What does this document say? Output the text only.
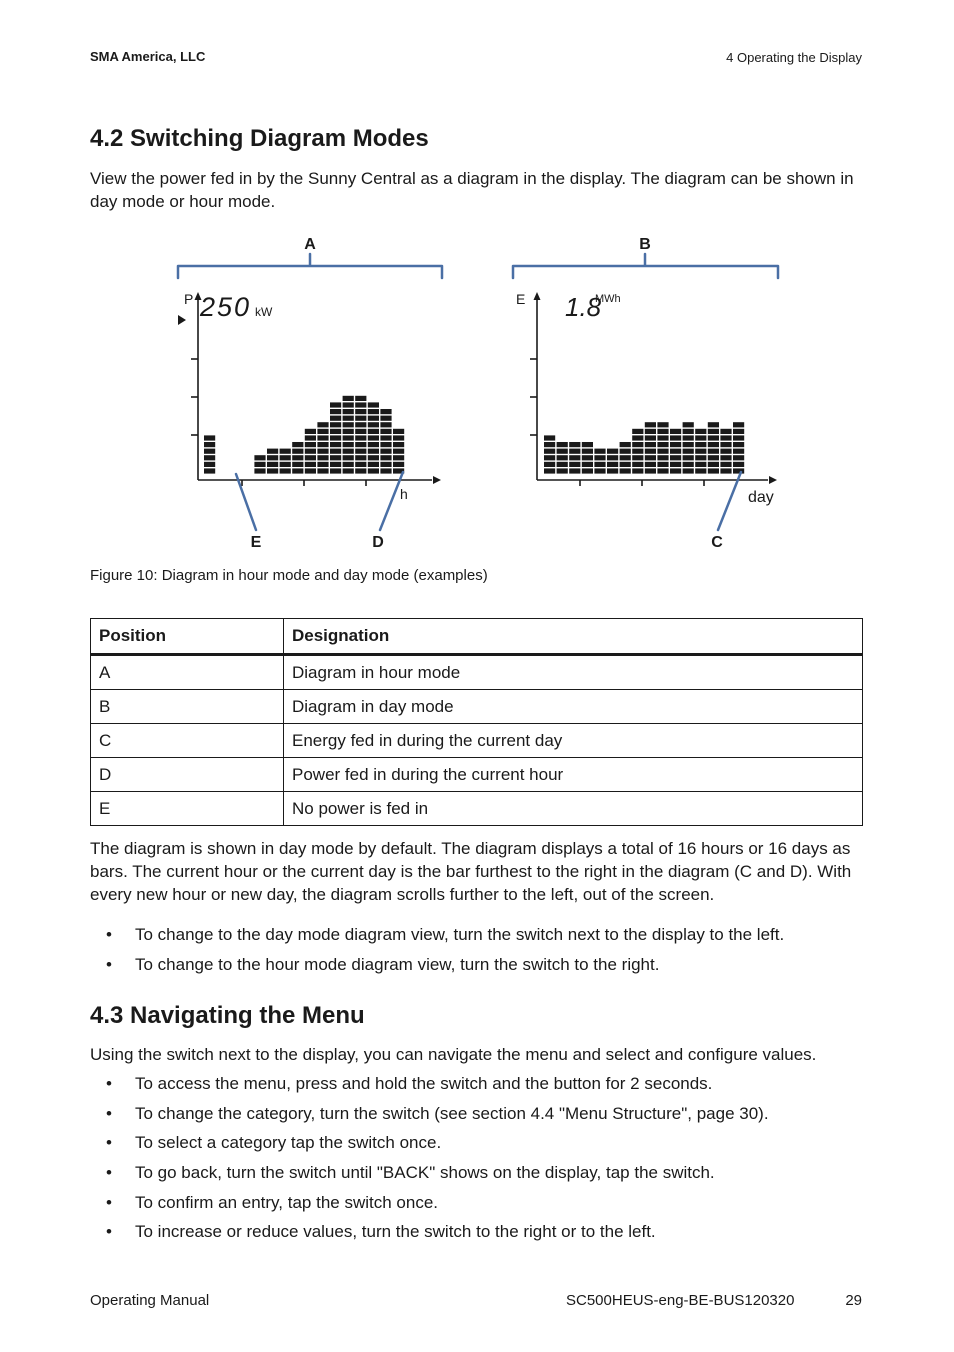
SMA America, LLC	4 Operating the Display
4.2 Switching Diagram Modes

View the power fed in by the Sunny Central as a diagram in the display. The diagram can be shown in day mode or hour mode.

A	B
P 250 kW
h
E 1.8
MWh
day
E	D	C
Figure 10: Diagram in hour mode and day mode (examples)
Position	Designation
A	Diagram in hour mode
B	Diagram in day mode
C	Energy fed in during the current day
D	Power fed in during the current hour
E	No power is fed in

The diagram is shown in day mode by default. The diagram displays a total of 16 hours or 16 days as bars. The current hour or the current day is the bar furthest to the right in the diagram (C and D). With every new hour or new day, the diagram scrolls further to the left, out of the screen.

• To change to the day mode diagram view, turn the switch next to the display to the left.
• To change to the hour mode diagram view, turn the switch to the right.
4.3 Navigating the Menu

Using the switch next to the display, you can navigate the menu and select and configure values.

• To access the menu, press and hold the switch and the button for 2 seconds.
• To change the category, turn the switch (see section 4.4 "Menu Structure", page 30).
• To select a category tap the switch once.
• To go back, turn the switch until "BACK" shows on the display, tap the switch.
• To confirm an entry, tap the switch once.
• To increase or reduce values, turn the switch to the right or to the left.
Operating Manual	SC500HEUS-eng-BE-BUS120320	29
